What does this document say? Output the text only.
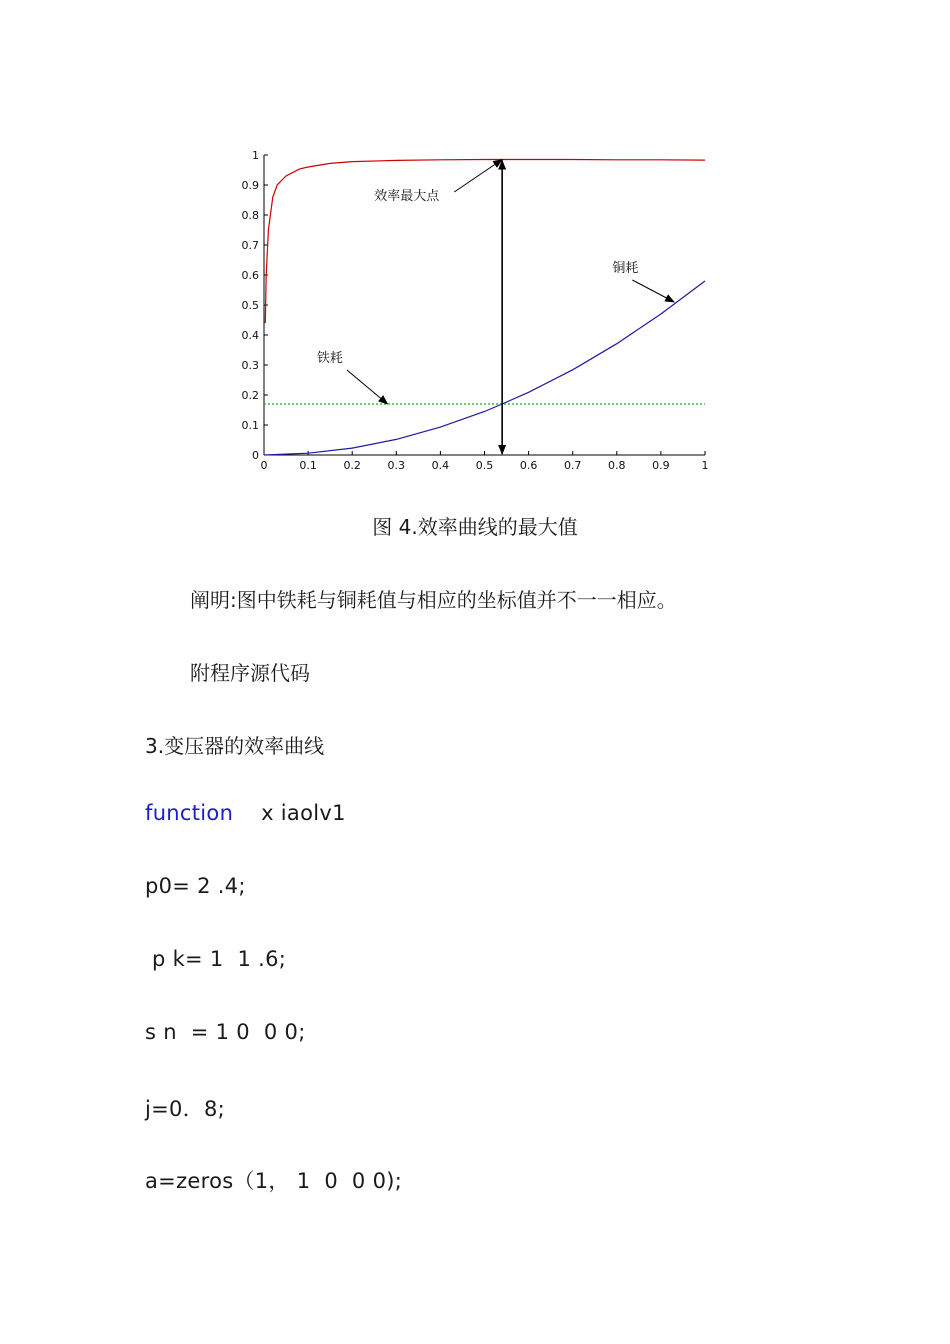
0	0.1 0.2 0.3 0.4 0.5 0.6 0.7 0.8 0.9	1
0
0.1
0.2
0.3
0.4
0.5
0.6
0.7
0.8
0.9
1
效率最大点
铜耗
铁耗
图 4.效率曲线的最大值
阐明:图中铁耗与铜耗值与相应的坐标值并不一一相应。
附程序源代码
3.变压器的效率曲线
function x iaolv1
p0= 2 .4;
p k= 1  1 .6;
s n  = 1 0  0 0;
j=0．8;
a=zeros（1， 1  0  0 0);
